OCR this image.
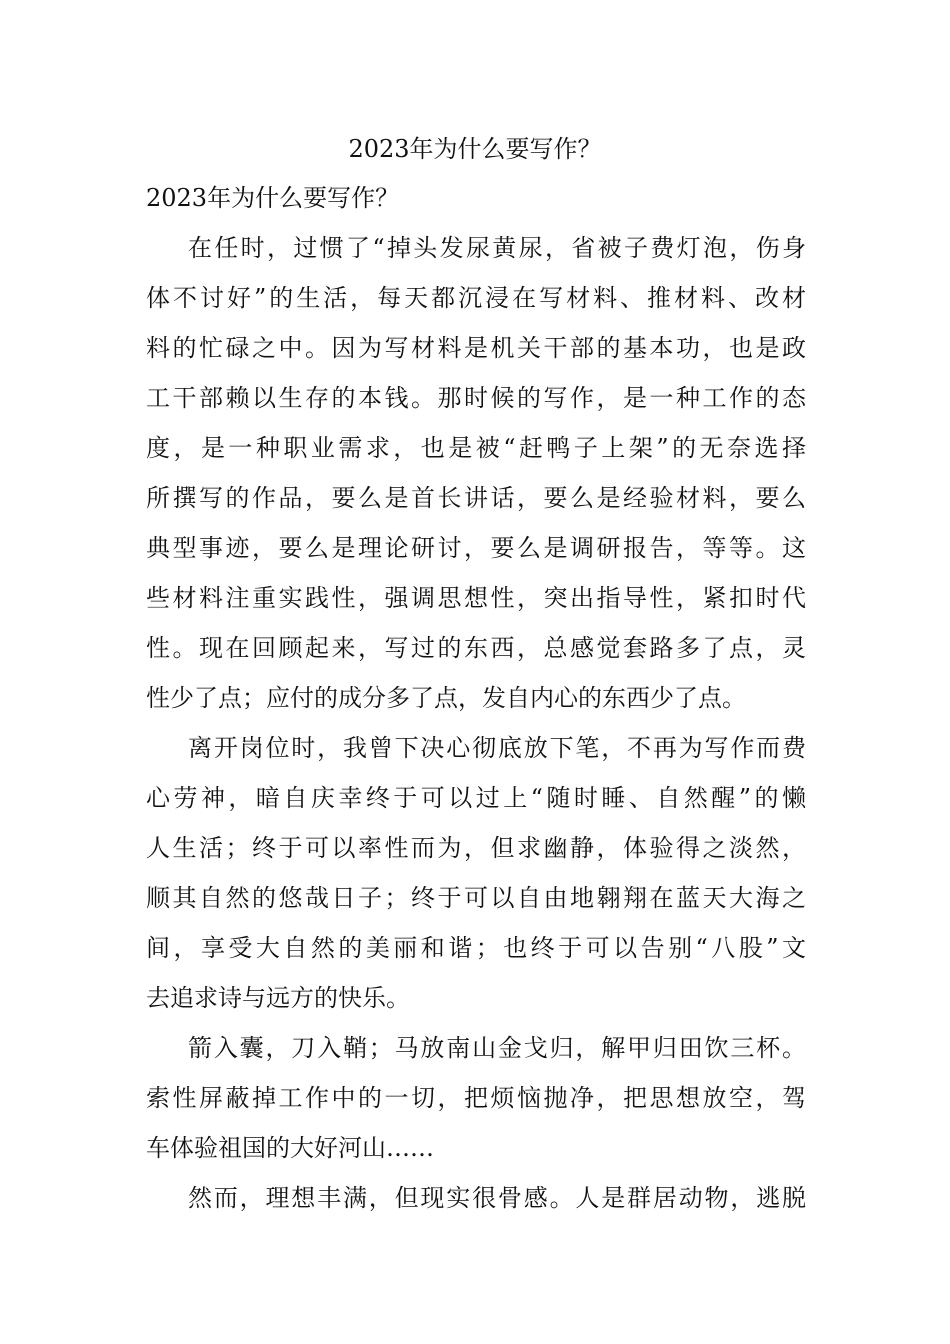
2023年为什么要写作？
2023年为什么要写作？
在任时，过惯了“掉头发尿黄尿，省被子费灯泡，伤身
体不讨好”的生活，每天都沉浸在写材料、推材料、改材
料的忙碌之中。因为写材料是机关干部的基本功，也是政
工干部赖以生存的本钱。那时候的写作，是一种工作的态
度，是一种职业需求，也是被“赶鸭子上架”的无奈选择
所撰写的作品，要么是首长讲话，要么是经验材料，要么
典型事迹，要么是理论研讨，要么是调研报告，等等。这
些材料注重实践性，强调思想性，突出指导性，紧扣时代
性。现在回顾起来，写过的东西，总感觉套路多了点，灵
性少了点；应付的成分多了点，发自内心的东西少了点。
离开岗位时，我曾下决心彻底放下笔，不再为写作而费
心劳神，暗自庆幸终于可以过上“随时睡、自然醒”的懒
人生活；终于可以率性而为，但求幽静，体验得之淡然，
顺其自然的悠哉日子；终于可以自由地翱翔在蓝天大海之
间，享受大自然的美丽和谐；也终于可以告别“八股”文
去追求诗与远方的快乐。
箭入囊，刀入鞘；马放南山金戈归，解甲归田饮三杯。
索性屏蔽掉工作中的一切，把烦恼抛净，把思想放空，驾
车体验祖国的大好河山……
然而，理想丰满，但现实很骨感。人是群居动物，逃脱
